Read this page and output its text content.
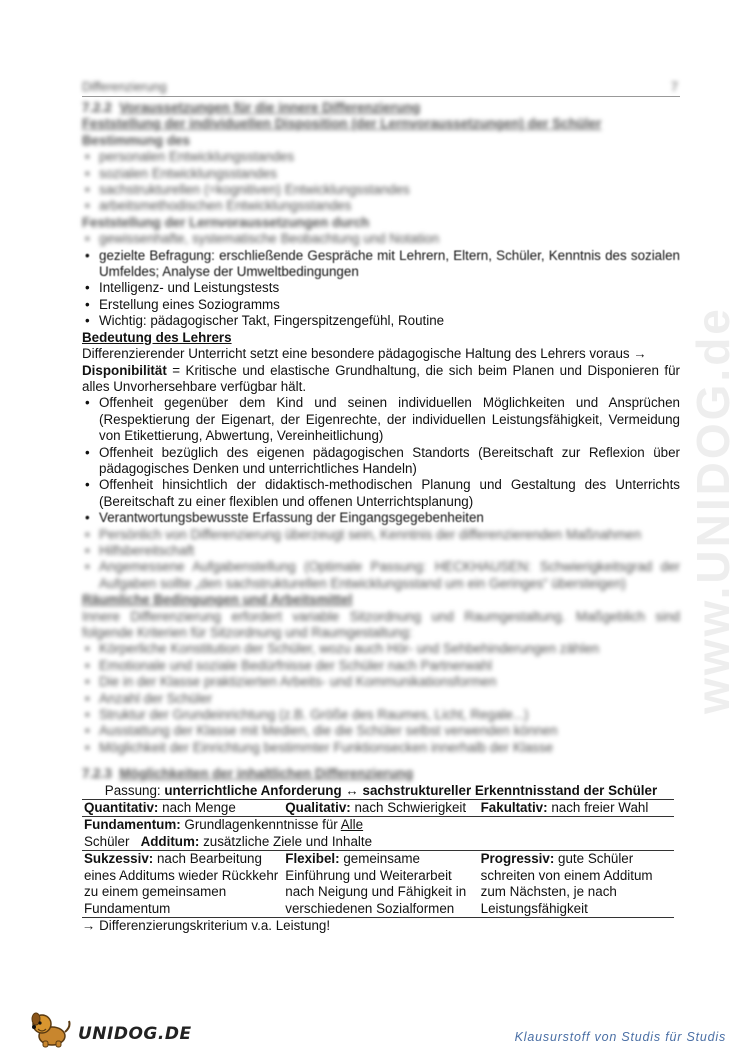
Differenzierung	7
www.UNIDOG.de

7.2.2 Voraussetzungen für die innere Differenzierung

Feststellung der individuellen Disposition (der Lernvoraussetzungen) der Schüler

Bestimmung des

• personalen Entwicklungsstandes
• sozialen Entwicklungsstandes
• sachstrukturellen (=kognitiven) Entwicklungsstandes
• arbeitsmethodischen Entwicklungsstandes

Feststellung der Lernvoraussetzungen durch

• gewissenhafte, systematische Beobachtung und Notation
• gezielte Befragung: erschließende Gespräche mit Lehrern, Eltern, Schüler, Kenntnis des sozialen Umfeldes; Analyse der Umweltbedingungen
• Intelligenz- und Leistungstests
• Erstellung eines Soziogramms
• Wichtig: pädagogischer Takt, Fingerspitzengefühl, Routine

Bedeutung des Lehrers

Differenzierender Unterricht setzt eine besondere pädagogische Haltung des Lehrers voraus →

Disponibilität = Kritische und elastische Grundhaltung, die sich beim Planen und Disponieren für alles Unvorhersehbare verfügbar hält.

• Offenheit gegenüber dem Kind und seinen individuellen Möglichkeiten und Ansprüchen (Respektierung der Eigenart, der Eigenrechte, der individuellen Leistungsfähigkeit, Vermeidung von Etikettierung, Abwertung, Vereinheitlichung)
• Offenheit bezüglich des eigenen pädagogischen Standorts (Bereitschaft zur Reflexion über pädagogisches Denken und unterrichtliches Handeln)
• Offenheit hinsichtlich der didaktisch-methodischen Planung und Gestaltung des Unterrichts (Bereitschaft zu einer flexiblen und offenen Unterrichtsplanung)
• Verantwortungsbewusste Erfassung der Eingangsgegebenheiten
• Persönlich von Differenzierung überzeugt sein, Kenntnis der differenzierenden Maßnahmen
• Hilfsbereitschaft
• Angemessene Aufgabenstellung (Optimale Passung: HECKHAUSEN: Schwierigkeitsgrad der Aufgaben sollte „den sachstrukturellen Entwicklungsstand um ein Geringes“ übersteigen)

Räumliche Bedingungen und Arbeitsmittel

Innere Differenzierung erfordert variable Sitzordnung und Raumgestaltung. Maßgeblich sind folgende Kriterien für Sitzordnung und Raumgestaltung:

• Körperliche Konstitution der Schüler, wozu auch Hör- und Sehbehinderungen zählen
• Emotionale und soziale Bedürfnisse der Schüler nach Partnerwahl
• Die in der Klasse praktizierten Arbeits- und Kommunikationsformen
• Anzahl der Schüler
• Struktur der Grundeinrichtung (z.B. Größe des Raumes, Licht, Regale...)
• Ausstattung der Klasse mit Medien, die die Schüler selbst verwenden können
• Möglichkeit der Einrichtung bestimmter Funktionsecken innerhalb der Klasse

7.2.3 Möglichkeiten der inhaltlichen Differenzierung

Passung: unterrichtliche Anforderung ↔ sachstruktureller Erkenntnisstand der Schüler

Quantitativ: nach Menge	Qualitativ: nach Schwierigkeit	Fakultativ: nach freier Wahl
Fundamentum: Grundlagenkenntnisse für Alle Schüler Additum: zusätzliche Ziele und Inhalte		
Sukzessiv: nach Bearbeitung eines Additums wieder Rückkehr zu einem gemeinsamen Fundamentum	Flexibel: gemeinsame Einführung und Weiterarbeit nach Neigung und Fähigkeit in verschiedenen Sozialformen	Progressiv: gute Schüler schreiten von einem Additum zum Nächsten, je nach Leistungsfähigkeit

→ Differenzierungskriterium v.a. Leistung!

UNIDOG.DE	Klausurstoff von Studis für Studis
